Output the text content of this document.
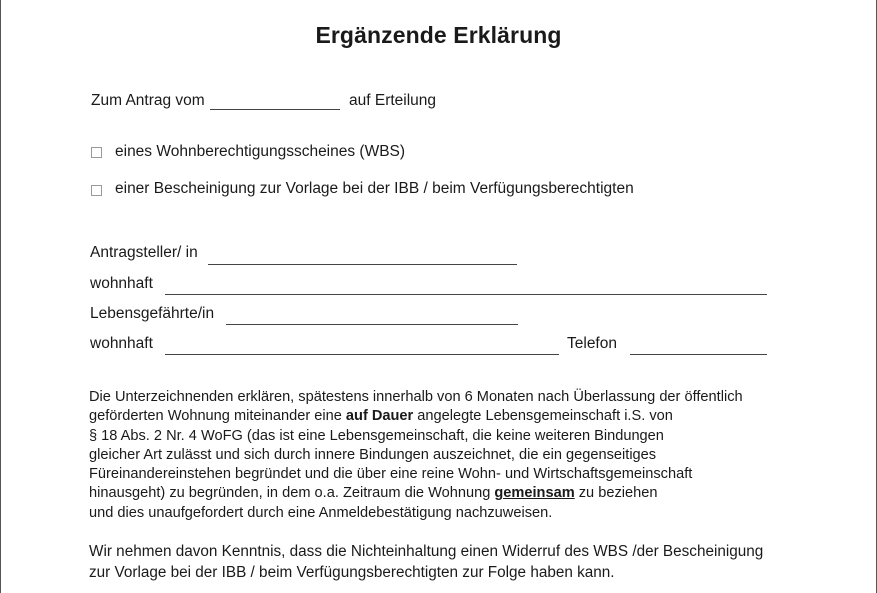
Ergänzende Erklärung
Zum Antrag vom	auf Erteilung
eines Wohnberechtigungsscheines (WBS)
einer Bescheinigung zur Vorlage bei der IBB / beim Verfügungsberechtigten
Antragsteller/ in
wohnhaft
Lebensgefährte/in
wohnhaft	Telefon
Die Unterzeichnenden erklären, spätestens innerhalb von 6 Monaten nach Überlassung der öffentlich
geförderten Wohnung miteinander eine auf Dauer angelegte Lebensgemeinschaft i.S. von
§ 18 Abs. 2 Nr. 4 WoFG (das ist eine Lebensgemeinschaft, die keine weiteren Bindungen
gleicher Art zulässt und sich durch innere Bindungen auszeichnet, die ein gegenseitiges
Füreinandereinstehen begründet und die über eine reine Wohn- und Wirtschaftsgemeinschaft
hinausgeht) zu begründen, in dem o.a. Zeitraum die Wohnung gemeinsam zu beziehen
und dies unaufgefordert durch eine Anmeldebestätigung nachzuweisen.
Wir nehmen davon Kenntnis, dass die Nichteinhaltung einen Widerruf des WBS /der Bescheinigung
zur Vorlage bei der IBB / beim Verfügungsberechtigten zur Folge haben kann.
